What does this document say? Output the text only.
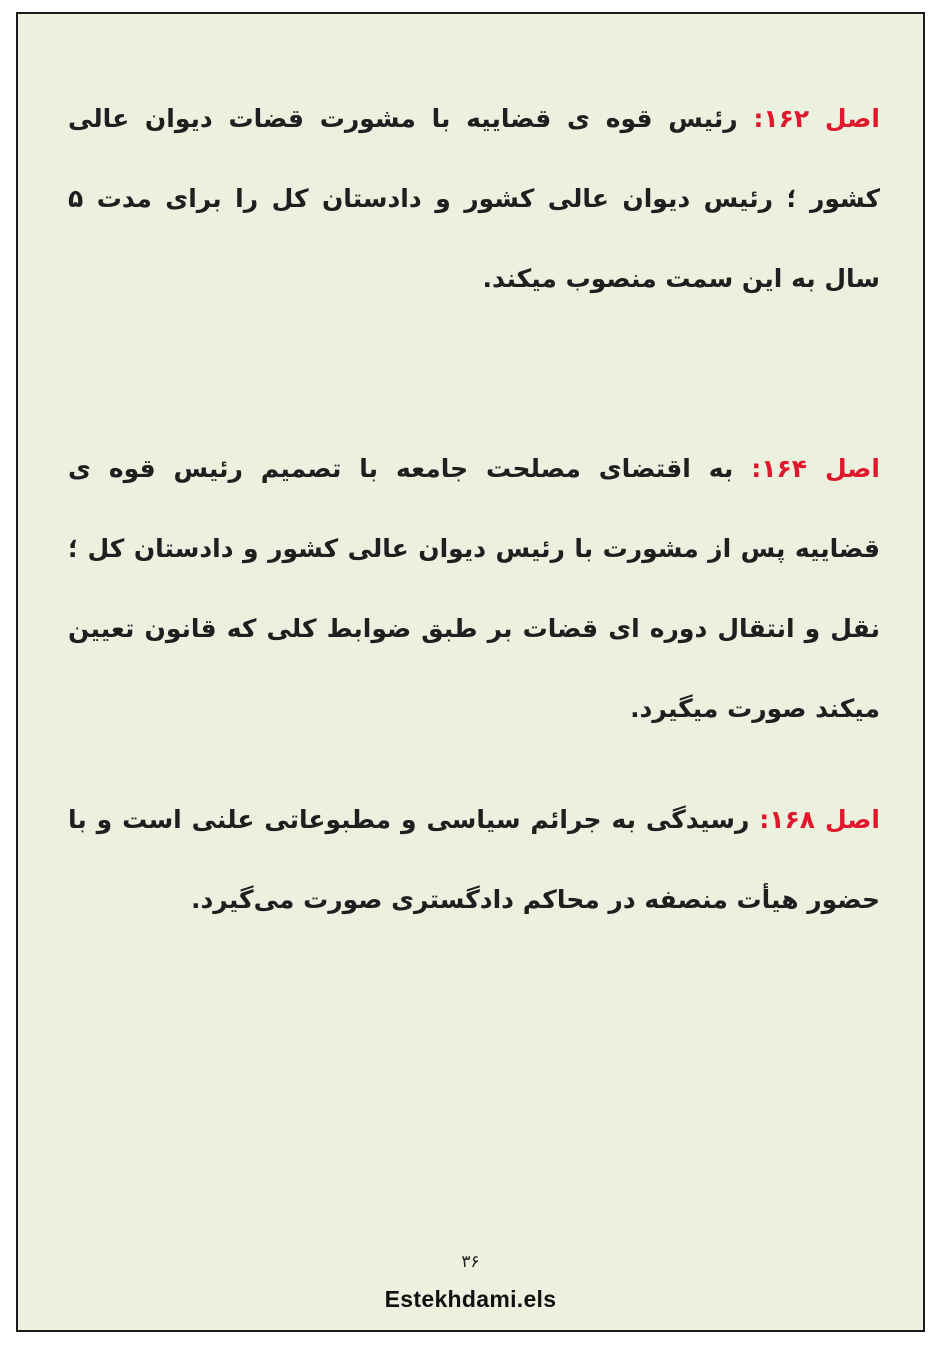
اصل ۱۶۲: رئیس قوه ی قضاییه با مشورت قضات دیوان عالی کشور ؛ رئیس دیوان عالی کشور و دادستان کل را برای مدت ۵ سال به این سمت منصوب میکند.

اصل ۱۶۴: به اقتضای مصلحت جامعه با تصمیم رئیس قوه ی قضاییه پس از مشورت با رئیس دیوان عالی کشور و دادستان کل ؛ نقل و انتقال دوره ای قضات بر طبق ضوابط کلی که قانون تعیین میکند صورت میگیرد.

اصل ۱۶۸: رسیدگی به جرائم سیاسی و مطبوعاتی علنی است و با حضور هیأت منصفه در محاکم دادگستری صورت می‌گیرد.

۳۶
Estekhdami.els
